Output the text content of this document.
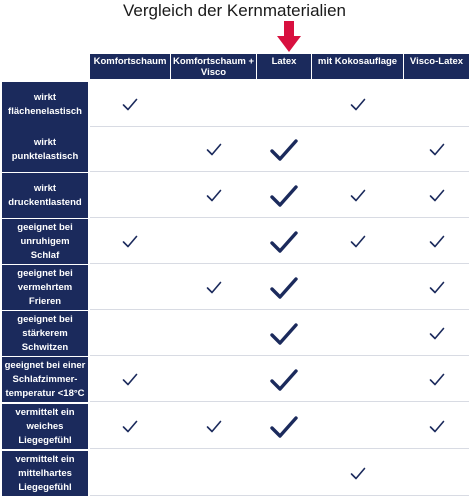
Vergleich der Kernmaterialien
Komfortschaum Komfortschaum +
Visco
Latex	mit Kokosauflage	Visco-Latex
wirkt
flächenelastisch
wirkt
punktelastisch
wirkt
druckentlastend
geeignet bei
unruhigem
Schlaf
geeignet bei
vermehrtem
Frieren
geeignet bei
stärkerem
Schwitzen
geeignet bei einer
Schlafzimmer-
temperatur <18°C
vermittelt ein
weiches
Liegegefühl
vermittelt ein
mittelhartes
Liegegefühl
